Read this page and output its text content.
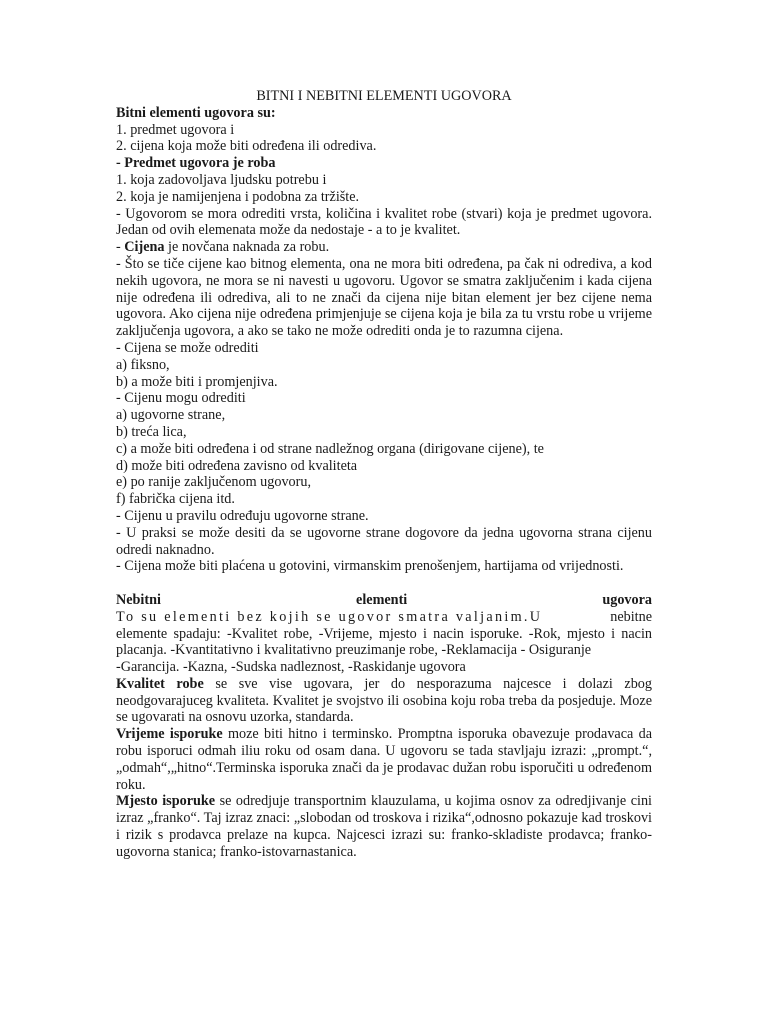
BITNI I NEBITNI ELEMENTI UGOVORA
Bitni elementi ugovora su:
1. predmet ugovora i
2. cijena koja može biti određena ili odrediva.
- Predmet ugovora je roba
1. koja zadovoljava ljudsku potrebu i
2. koja je namijenjena i podobna za tržište.
- Ugovorom se mora odrediti vrsta, količina i kvalitet robe (stvari) koja je predmet ugovora. Jedan od ovih elemenata može da nedostaje - a to je kvalitet.
- Cijena je novčana naknada za robu.
- Što se tiče cijene kao bitnog elementa, ona ne mora biti određena, pa čak ni odrediva, a kod nekih ugovora, ne mora se ni navesti u ugovoru. Ugovor se smatra zaključenim i kada cijena nije određena ili odrediva, ali to ne znači da cijena nije bitan element jer bez cijene nema ugovora. Ako cijena nije određena primjenjuje se cijena koja je bila za tu vrstu robe u vrijeme zaključenja ugovora, a ako se tako ne može odrediti onda je to razumna cijena.
- Cijena se može odrediti
a) fiksno,
b) a može biti i promjenjiva.
- Cijenu mogu odrediti
a) ugovorne strane,
b) treća lica,
c) a može biti određena i od strane nadležnog organa (dirigovane cijene), te
d) može biti određena zavisno od kvaliteta
e) po ranije zaključenom ugovoru,
f) fabrička cijena itd.
- Cijenu u pravilu određuju ugovorne strane.
- U praksi se može desiti da se ugovorne strane dogovore da jedna ugovorna strana cijenu odredi naknadno.
- Cijena može biti plaćena u gotovini, virmanskim prenošenjem, hartijama od vrijednosti.
Nebitni	elementi	ugovora
To su elementi bez kojih se ugovor smatra valjanim.U	nebitne
elemente spadaju: -Kvalitet robe, -Vrijeme, mjesto i nacin isporuke. -Rok, mjesto i nacin placanja. -Kvantitativno i kvalitativno preuzimanje robe, -Reklamacija - Osiguranje
-Garancija. -Kazna, -Sudska nadleznost, -Raskidanje ugovora
Kvalitet robe se sve vise ugovara, jer do nesporazuma najcesce i dolazi zbog neodgovarajuceg kvaliteta. Kvalitet je svojstvo ili osobina koju roba treba da posjeduje. Moze se ugovarati na osnovu uzorka, standarda.
Vrijeme isporuke moze biti hitno i terminsko. Promptna isporuka obavezuje prodavaca da robu isporuci odmah iliu roku od osam dana. U ugovoru se tada stavljaju izrazi: „prompt.“, „odmah“,„hitno“.Terminska isporuka znači da je prodavac dužan robu isporučiti u određenom roku.
Mjesto isporuke se odredjuje transportnim klauzulama, u kojima osnov za odredjivanje cini izraz „franko“. Taj izraz znaci: „slobodan od troskova i rizika“,odnosno pokazuje kad troskovi i rizik s prodavca prelaze na kupca. Najcesci izrazi su: franko-skladiste prodavca; franko-ugovorna stanica; franko-istovarnastanica.
